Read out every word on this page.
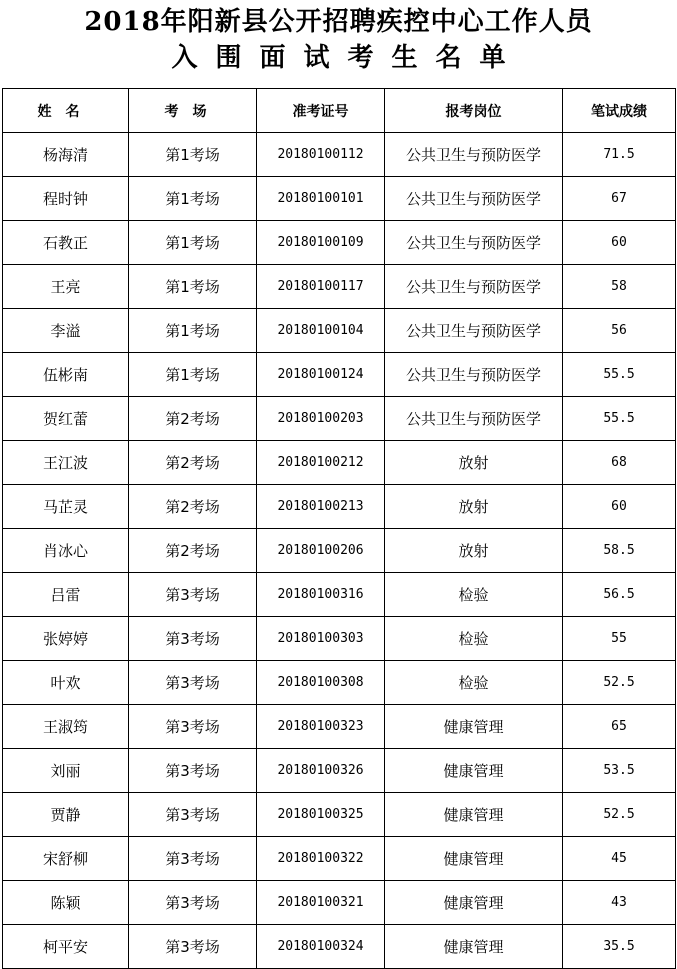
2018年阳新县公开招聘疾控中心工作人员
入围面试考生名单
姓名	考场	准考证号	报考岗位	笔试成绩
杨海清	第1考场	20180100112	公共卫生与预防医学	71.5
程时钟	第1考场	20180100101	公共卫生与预防医学	67
石教正	第1考场	20180100109	公共卫生与预防医学	60
王亮	第1考场	20180100117	公共卫生与预防医学	58
李溢	第1考场	20180100104	公共卫生与预防医学	56
伍彬南	第1考场	20180100124	公共卫生与预防医学	55.5
贺红蕾	第2考场	20180100203	公共卫生与预防医学	55.5
王江波	第2考场	20180100212	放射	68
马芷灵	第2考场	20180100213	放射	60
肖冰心	第2考场	20180100206	放射	58.5
吕雷	第3考场	20180100316	检验	56.5
张婷婷	第3考场	20180100303	检验	55
叶欢	第3考场	20180100308	检验	52.5
王淑筠	第3考场	20180100323	健康管理	65
刘丽	第3考场	20180100326	健康管理	53.5
贾静	第3考场	20180100325	健康管理	52.5
宋舒柳	第3考场	20180100322	健康管理	45
陈颖	第3考场	20180100321	健康管理	43
柯平安	第3考场	20180100324	健康管理	35.5
